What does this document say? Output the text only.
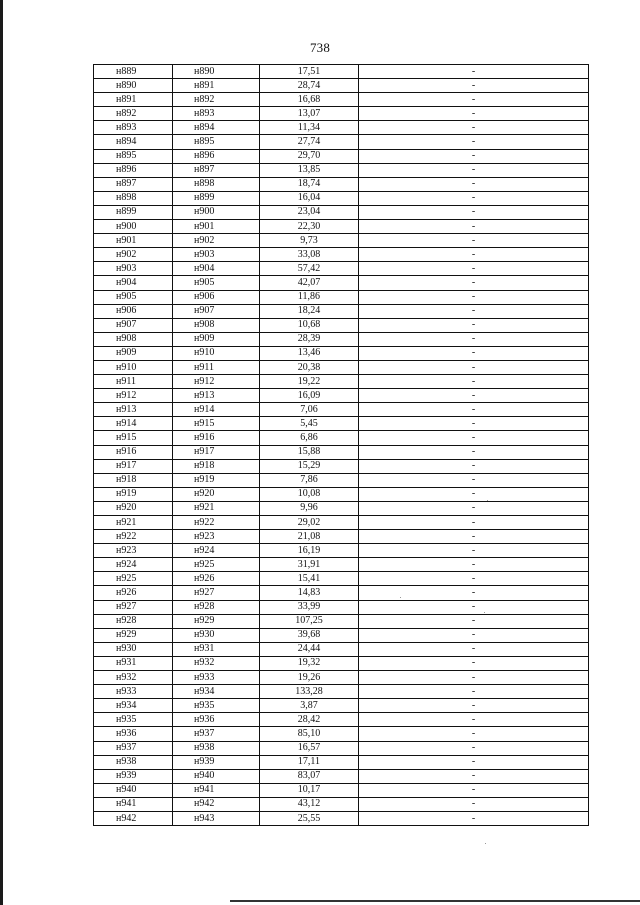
738
н889	н890	17,51	-
н890	н891	28,74	-
н891	н892	16,68	-
н892	н893	13,07	-
н893	н894	11,34	-
н894	н895	27,74	-
н895	н896	29,70	-
н896	н897	13,85	-
н897	н898	18,74	-
н898	н899	16,04	-
н899	н900	23,04	-
н900	н901	22,30	-
н901	н902	9,73	-
н902	н903	33,08	-
н903	н904	57,42	-
н904	н905	42,07	-
н905	н906	11,86	-
н906	н907	18,24	-
н907	н908	10,68	-
н908	н909	28,39	-
н909	н910	13,46	-
н910	н911	20,38	-
н911	н912	19,22	-
н912	н913	16,09	-
н913	н914	7,06	-
н914	н915	5,45	-
н915	н916	6,86	-
н916	н917	15,88	-
н917	н918	15,29	-
н918	н919	7,86	-
н919	н920	10,08	-
н920	н921	9,96	-
н921	н922	29,02	-
н922	н923	21,08	-
н923	н924	16,19	-
н924	н925	31,91	-
н925	н926	15,41	-
н926	н927	14,83	-
н927	н928	33,99	-
н928	н929	107,25	-
н929	н930	39,68	-
н930	н931	24,44	-
н931	н932	19,32	-
н932	н933	19,26	-
н933	н934	133,28	-
н934	н935	3,87	-
н935	н936	28,42	-
н936	н937	85,10	-
н937	н938	16,57	-
н938	н939	17,11	-
н939	н940	83,07	-
н940	н941	10,17	-
н941	н942	43,12	-
н942	н943	25,55	-
